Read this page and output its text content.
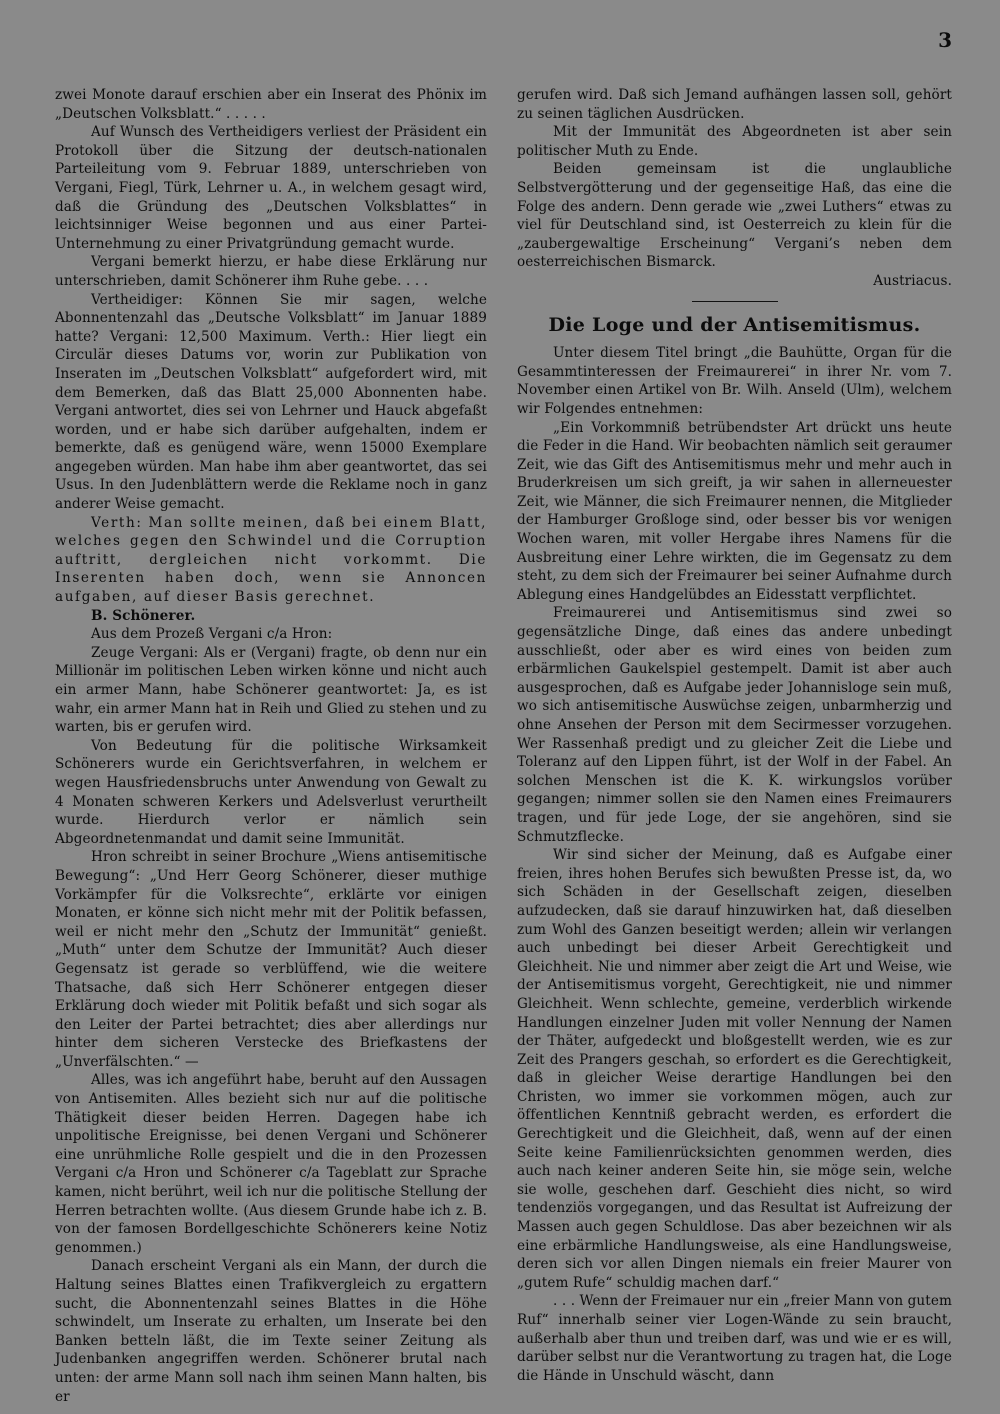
3

zwei Monote darauf erschien aber ein Inserat des Phönix im „Deutschen Volksblatt.“ . . . . .

Auf Wunsch des Vertheidigers verliest der Präsident ein Protokoll über die Sitzung der deutsch-nationalen Parteileitung vom 9. Februar 1889, unterschrieben von Vergani, Fiegl, Türk, Lehrner u. A., in welchem gesagt wird, daß die Gründung des „Deutschen Volksblattes“ in leichtsinniger Weise begonnen und aus einer Partei-Unternehmung zu einer Privatgründung gemacht wurde.

Vergani bemerkt hierzu, er habe diese Erklärung nur unterschrieben, damit Schönerer ihm Ruhe gebe. . . .

Vertheidiger: Können Sie mir sagen, welche Abonnentenzahl das „Deutsche Volksblatt“ im Januar 1889 hatte? Vergani: 12,500 Maximum. Verth.: Hier liegt ein Circulär dieses Datums vor, worin zur Publikation von Inseraten im „Deutschen Volksblatt“ aufgefordert wird, mit dem Bemerken, daß das Blatt 25,000 Abonnenten habe. Vergani antwortet, dies sei von Lehrner und Hauck abgefaßt worden, und er habe sich darüber aufgehalten, indem er bemerkte, daß es genügend wäre, wenn 15000 Exemplare angegeben würden. Man habe ihm aber geantwortet, das sei Usus. In den Judenblättern werde die Reklame noch in ganz anderer Weise gemacht.

Verth: Man sollte meinen, daß bei einem Blatt, welches gegen den Schwindel und die Corruption auftritt, dergleichen nicht vorkommt. Die Inserenten haben doch, wenn sie Annoncen aufgaben, auf dieser Basis gerechnet.

B. Schönerer.

Aus dem Prozeß Vergani c/a Hron:

Zeuge Vergani: Als er (Vergani) fragte, ob denn nur ein Millionär im politischen Leben wirken könne und nicht auch ein armer Mann, habe Schönerer geantwortet: Ja, es ist wahr, ein armer Mann hat in Reih und Glied zu stehen und zu warten, bis er gerufen wird.

Von Bedeutung für die politische Wirksamkeit Schönerers wurde ein Gerichtsverfahren, in welchem er wegen Hausfriedensbruchs unter Anwendung von Gewalt zu 4 Monaten schweren Kerkers und Adelsverlust verurtheilt wurde. Hierdurch verlor er nämlich sein Abgeordnetenmandat und damit seine Immunität.

Hron schreibt in seiner Brochure „Wiens antisemitische Bewegung“: „Und Herr Georg Schönerer, dieser muthige Vorkämpfer für die Volksrechte“, erklärte vor einigen Monaten, er könne sich nicht mehr mit der Politik befassen, weil er nicht mehr den „Schutz der Immunität“ genießt. „Muth“ unter dem Schutze der Immunität? Auch dieser Gegensatz ist gerade so verblüffend, wie die weitere Thatsache, daß sich Herr Schönerer entgegen dieser Erklärung doch wieder mit Politik befaßt und sich sogar als den Leiter der Partei betrachtet; dies aber allerdings nur hinter dem sicheren Verstecke des Briefkastens der „Unverfälschten.“ —

Alles, was ich angeführt habe, beruht auf den Aussagen von Antisemiten. Alles bezieht sich nur auf die politische Thätigkeit dieser beiden Herren. Dagegen habe ich unpolitische Ereignisse, bei denen Vergani und Schönerer eine unrühmliche Rolle gespielt und die in den Prozessen Vergani c/a Hron und Schönerer c/a Tageblatt zur Sprache kamen, nicht berührt, weil ich nur die politische Stellung der Herren betrachten wollte. (Aus diesem Grunde habe ich z. B. von der famosen Bordellgeschichte Schönerers keine Notiz genommen.)

Danach erscheint Vergani als ein Mann, der durch die Haltung seines Blattes einen Trafikvergleich zu ergattern sucht, die Abonnentenzahl seines Blattes in die Höhe schwindelt, um Inserate zu erhalten, um Inserate bei den Banken betteln läßt, die im Texte seiner Zeitung als Judenbanken angegriffen werden. Schönerer brutal nach unten: der arme Mann soll nach ihm seinen Mann halten, bis er

gerufen wird. Daß sich Jemand aufhängen lassen soll, gehört zu seinen täglichen Ausdrücken.

Mit der Immunität des Abgeordneten ist aber sein politischer Muth zu Ende.

Beiden gemeinsam ist die unglaubliche Selbstvergötterung und der gegenseitige Haß, das eine die Folge des andern. Denn gerade wie „zwei Luthers“ etwas zu viel für Deutschland sind, ist Oesterreich zu klein für die „zaubergewaltige Erscheinung“ Vergani’s neben dem oesterreichischen Bismarck.

Austriacus.

Die Loge und der Antisemitismus.

Unter diesem Titel bringt „die Bauhütte, Organ für die Gesammtinteressen der Freimaurerei“ in ihrer Nr. vom 7. November einen Artikel von Br. Wilh. Anseld (Ulm), welchem wir Folgendes entnehmen:

„Ein Vorkommniß betrübendster Art drückt uns heute die Feder in die Hand. Wir beobachten nämlich seit geraumer Zeit, wie das Gift des Antisemitismus mehr und mehr auch in Bruderkreisen um sich greift, ja wir sahen in allerneuester Zeit, wie Männer, die sich Freimaurer nennen, die Mitglieder der Hamburger Großloge sind, oder besser bis vor wenigen Wochen waren, mit voller Hergabe ihres Namens für die Ausbreitung einer Lehre wirkten, die im Gegensatz zu dem steht, zu dem sich der Freimaurer bei seiner Aufnahme durch Ablegung eines Handgelübdes an Eidesstatt verpflichtet.

Freimaurerei und Antisemitismus sind zwei so gegensätzliche Dinge, daß eines das andere unbedingt ausschließt, oder aber es wird eines von beiden zum erbärmlichen Gaukelspiel gestempelt. Damit ist aber auch ausgesprochen, daß es Aufgabe jeder Johannisloge sein muß, wo sich antisemitische Auswüchse zeigen, unbarmherzig und ohne Ansehen der Person mit dem Secirmesser vorzugehen. Wer Rassenhaß predigt und zu gleicher Zeit die Liebe und Toleranz auf den Lippen führt, ist der Wolf in der Fabel. An solchen Menschen ist die K. K. wirkungslos vorüber gegangen; nimmer sollen sie den Namen eines Freimaurers tragen, und für jede Loge, der sie angehören, sind sie Schmutzflecke.

Wir sind sicher der Meinung, daß es Aufgabe einer freien, ihres hohen Berufes sich bewußten Presse ist, da, wo sich Schäden in der Gesellschaft zeigen, dieselben aufzudecken, daß sie darauf hinzuwirken hat, daß dieselben zum Wohl des Ganzen beseitigt werden; allein wir verlangen auch unbedingt bei dieser Arbeit Gerechtigkeit und Gleichheit. Nie und nimmer aber zeigt die Art und Weise, wie der Antisemitismus vorgeht, Gerechtigkeit, nie und nimmer Gleichheit. Wenn schlechte, gemeine, verderblich wirkende Handlungen einzelner Juden mit voller Nennung der Namen der Thäter, aufgedeckt und bloßgestellt werden, wie es zur Zeit des Prangers geschah, so erfordert es die Gerechtigkeit, daß in gleicher Weise derartige Handlungen bei den Christen, wo immer sie vorkommen mögen, auch zur öffentlichen Kenntniß gebracht werden, es erfordert die Gerechtigkeit und die Gleichheit, daß, wenn auf der einen Seite keine Familienrücksichten genommen werden, dies auch nach keiner anderen Seite hin, sie möge sein, welche sie wolle, geschehen darf. Geschieht dies nicht, so wird tendenziös vorgegangen, und das Resultat ist Aufreizung der Massen auch gegen Schuldlose. Das aber bezeichnen wir als eine erbärmliche Handlungsweise, als eine Handlungsweise, deren sich vor allen Dingen niemals ein freier Maurer von „gutem Rufe“ schuldig machen darf.“

. . . Wenn der Freimauer nur ein „freier Mann von gutem Ruf“ innerhalb seiner vier Logen-Wände zu sein braucht, außerhalb aber thun und treiben darf, was und wie er es will, darüber selbst nur die Verantwortung zu tragen hat, die Loge die Hände in Unschuld wäscht, dann
